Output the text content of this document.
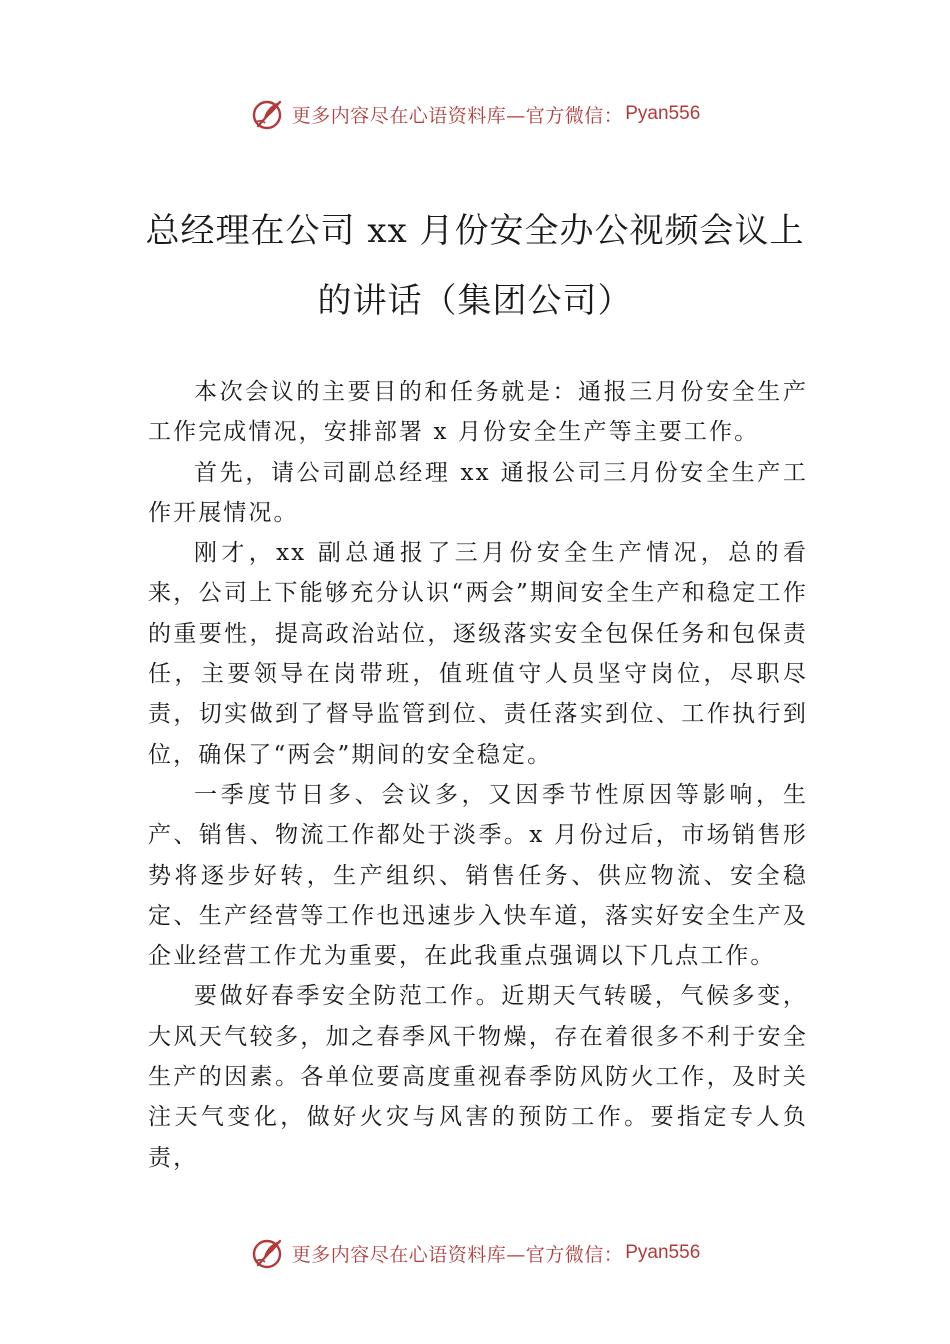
更多内容尽在心语资料库—官方微信： Pyan556
总经理在公司 xx 月份安全办公视频会议上
的讲话（集团公司）

本次会议的主要目的和任务就是：通报三月份安全生产工作完成情况，安排部署 x 月份安全生产等主要工作。

首先，请公司副总经理 xx 通报公司三月份安全生产工作开展情况。

刚才，xx 副总通报了三月份安全生产情况，总的看来，公司上下能够充分认识“两会”期间安全生产和稳定工作的重要性，提高政治站位，逐级落实安全包保任务和包保责任，主要领导在岗带班，值班值守人员坚守岗位，尽职尽责，切实做到了督导监管到位、责任落实到位、工作执行到位，确保了“两会”期间的安全稳定。

一季度节日多、会议多，又因季节性原因等影响，生产、销售、物流工作都处于淡季。x 月份过后，市场销售形势将逐步好转，生产组织、销售任务、供应物流、安全稳定、生产经营等工作也迅速步入快车道，落实好安全生产及企业经营工作尤为重要，在此我重点强调以下几点工作。

要做好春季安全防范工作。近期天气转暖，气候多变，大风天气较多，加之春季风干物燥，存在着很多不利于安全生产的因素。各单位要高度重视春季防风防火工作，及时关注天气变化，做好火灾与风害的预防工作。要指定专人负责，

更多内容尽在心语资料库—官方微信： Pyan556
